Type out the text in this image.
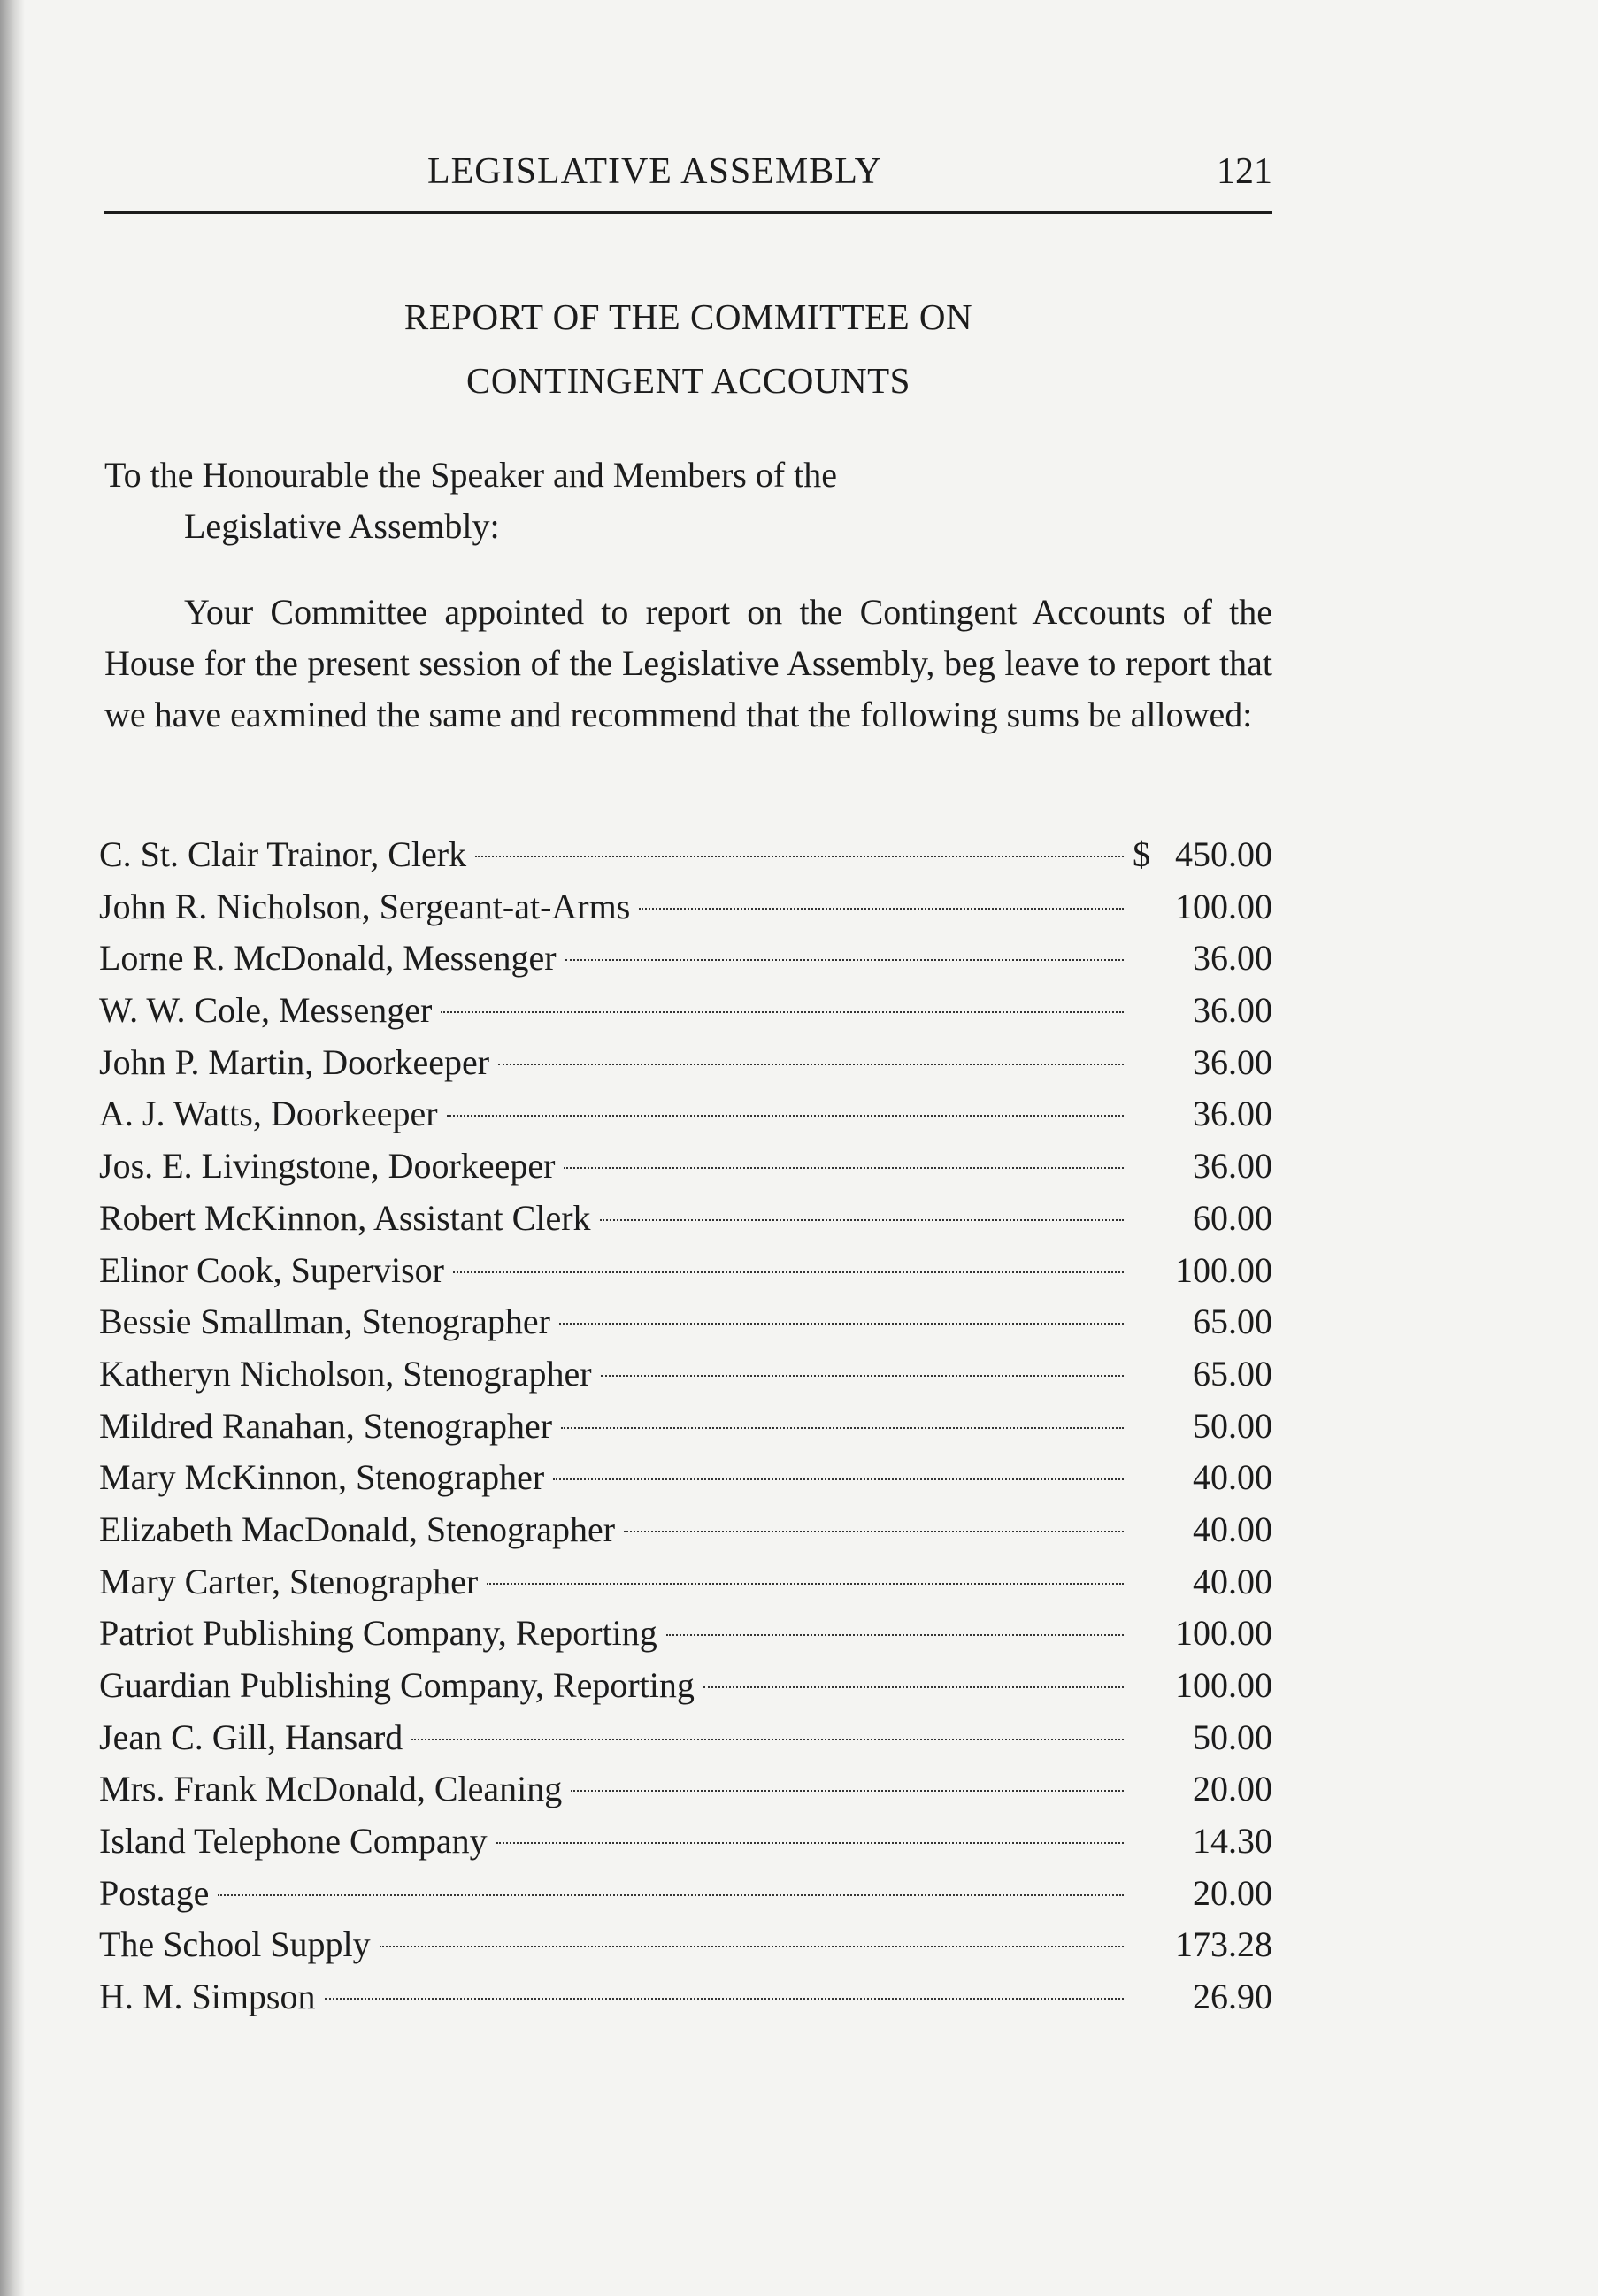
LEGISLATIVE ASSEMBLY	121
REPORT OF THE COMMITTEE ON
CONTINGENT ACCOUNTS
To the Honourable the Speaker and Members of the
Legislative Assembly:

Your Committee appointed to report on the Contingent Accounts of the House for the present session of the Legislative Assembly, beg leave to report that we have eaxmined the same and recommend that the following sums be allowed:

C. St. Clair Trainor, Clerk	$ 450.00
John R. Nicholson, Sergeant-at-Arms	100.00
Lorne R. McDonald, Messenger	36.00
W. W. Cole, Messenger	36.00
John P. Martin, Doorkeeper	36.00
A. J. Watts, Doorkeeper	36.00
Jos. E. Livingstone, Doorkeeper	36.00
Robert McKinnon, Assistant Clerk	60.00
Elinor Cook, Supervisor	100.00
Bessie Smallman, Stenographer	65.00
Katheryn Nicholson, Stenographer	65.00
Mildred Ranahan, Stenographer	50.00
Mary McKinnon, Stenographer	40.00
Elizabeth MacDonald, Stenographer	40.00
Mary Carter, Stenographer	40.00
Patriot Publishing Company, Reporting	100.00
Guardian Publishing Company, Reporting	100.00
Jean C. Gill, Hansard	50.00
Mrs. Frank McDonald, Cleaning	20.00
Island Telephone Company	14.30
Postage	20.00
The School Supply	173.28
H. M. Simpson	26.90
